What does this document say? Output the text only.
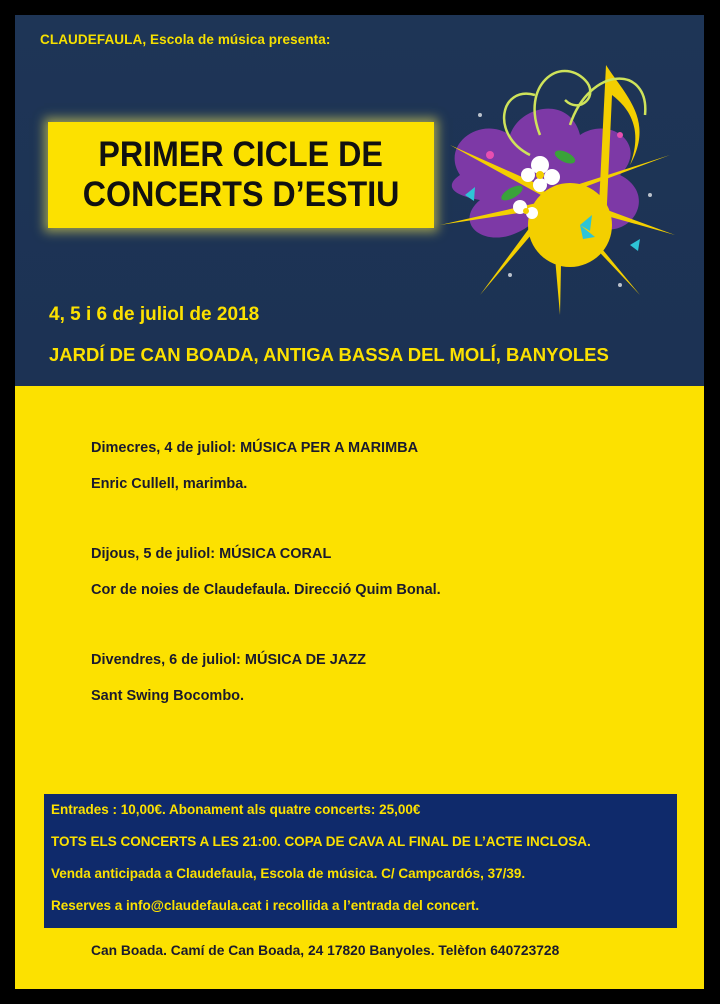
CLAUDEFAULA, Escola de música presenta:
PRIMER CICLE DE
CONCERTS D’ESTIU
4, 5 i 6 de juliol de 2018
JARDÍ DE CAN BOADA, ANTIGA BASSA DEL MOLÍ, BANYOLES
Dimecres, 4 de juliol: MÚSICA PER A MARIMBA
Enric Cullell, marimba.
Dijous, 5 de juliol: MÚSICA CORAL
Cor de noies de Claudefaula. Direcció Quim Bonal.
Divendres, 6 de juliol: MÚSICA DE JAZZ
Sant Swing Bocombo.
Entrades : 10,00€. Abonament als quatre concerts: 25,00€
TOTS ELS CONCERTS A LES 21:00. COPA DE CAVA AL FINAL DE L’ACTE INCLOSA.
Venda anticipada a Claudefaula, Escola de música. C/ Campcardós, 37/39.
Reserves a info@claudefaula.cat i recollida a l’entrada del concert.
Can Boada. Camí de Can Boada, 24 17820 Banyoles. Telèfon 640723728
